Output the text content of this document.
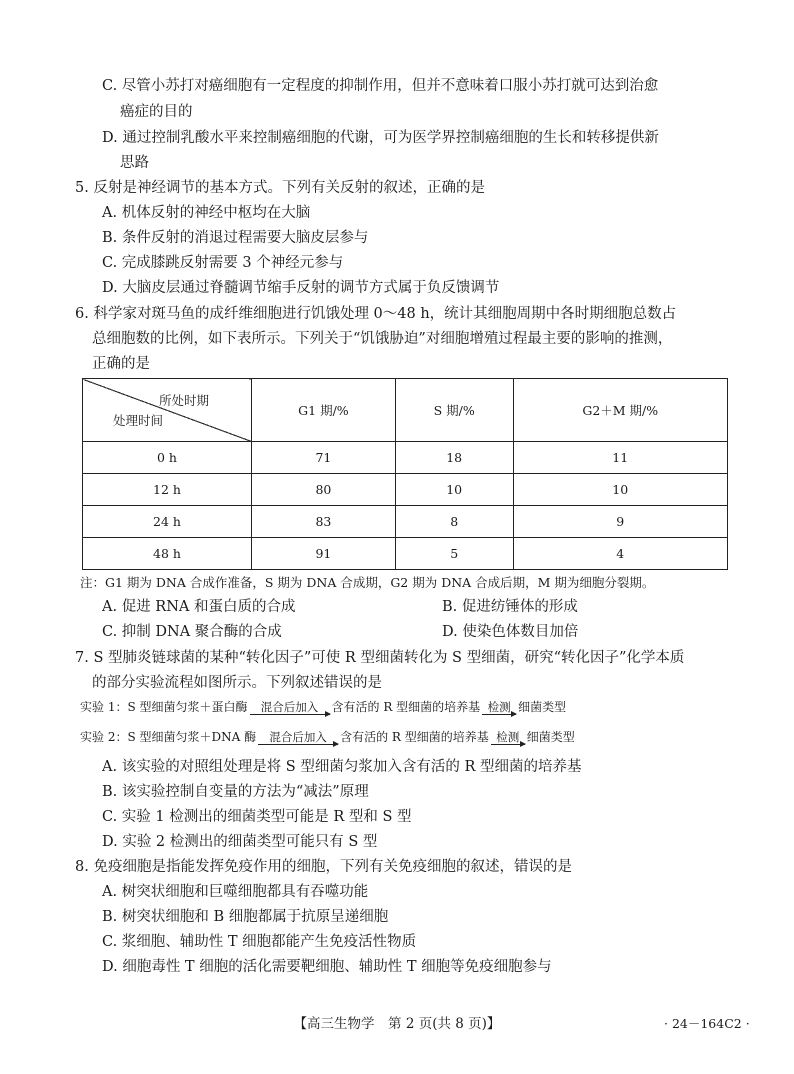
C. 尽管小苏打对癌细胞有一定程度的抑制作用，但并不意味着口服小苏打就可达到治愈
癌症的目的
D. 通过控制乳酸水平来控制癌细胞的代谢，可为医学界控制癌细胞的生长和转移提供新
思路
5. 反射是神经调节的基本方式。下列有关反射的叙述，正确的是
A. 机体反射的神经中枢均在大脑
B. 条件反射的消退过程需要大脑皮层参与
C. 完成膝跳反射需要 3 个神经元参与
D. 大脑皮层通过脊髓调节缩手反射的调节方式属于负反馈调节
6. 科学家对斑马鱼的成纤维细胞进行饥饿处理 0～48 h，统计其细胞周期中各时期细胞总数占
总细胞数的比例，如下表所示。下列关于“饥饿胁迫”对细胞增殖过程最主要的影响的推测，
正确的是
所处时期
处理时间	G1 期/%	S 期/%	G2＋M 期/%
0 h	71	18	11
12 h	80	10	10
24 h	83	8	9
48 h	91	5	4
注：G1 期为 DNA 合成作准备，S 期为 DNA 合成期，G2 期为 DNA 合成后期，M 期为细胞分裂期。
A. 促进 RNA 和蛋白质的合成	B. 促进纺锤体的形成
C. 抑制 DNA 聚合酶的合成	D. 使染色体数目加倍
7. S 型肺炎链球菌的某种“转化因子”可使 R 型细菌转化为 S 型细菌，研究“转化因子”化学本质
的部分实验流程如图所示。下列叙述错误的是
实验 1：S 型细菌匀浆＋蛋白酶 混合后加入 含有活的 R 型细菌的培养基 检测 细菌类型
实验 2：S 型细菌匀浆＋DNA 酶 混合后加入 含有活的 R 型细菌的培养基 检测 细菌类型
A. 该实验的对照组处理是将 S 型细菌匀浆加入含有活的 R 型细菌的培养基
B. 该实验控制自变量的方法为“减法”原理
C. 实验 1 检测出的细菌类型可能是 R 型和 S 型
D. 实验 2 检测出的细菌类型可能只有 S 型
8. 免疫细胞是指能发挥免疫作用的细胞，下列有关免疫细胞的叙述，错误的是
A. 树突状细胞和巨噬细胞都具有吞噬功能
B. 树突状细胞和 B 细胞都属于抗原呈递细胞
C. 浆细胞、辅助性 T 细胞都能产生免疫活性物质
D. 细胞毒性 T 细胞的活化需要靶细胞、辅助性 T 细胞等免疫细胞参与
【高三生物学　第 2 页(共 8 页)】	· 24－164C2 ·
